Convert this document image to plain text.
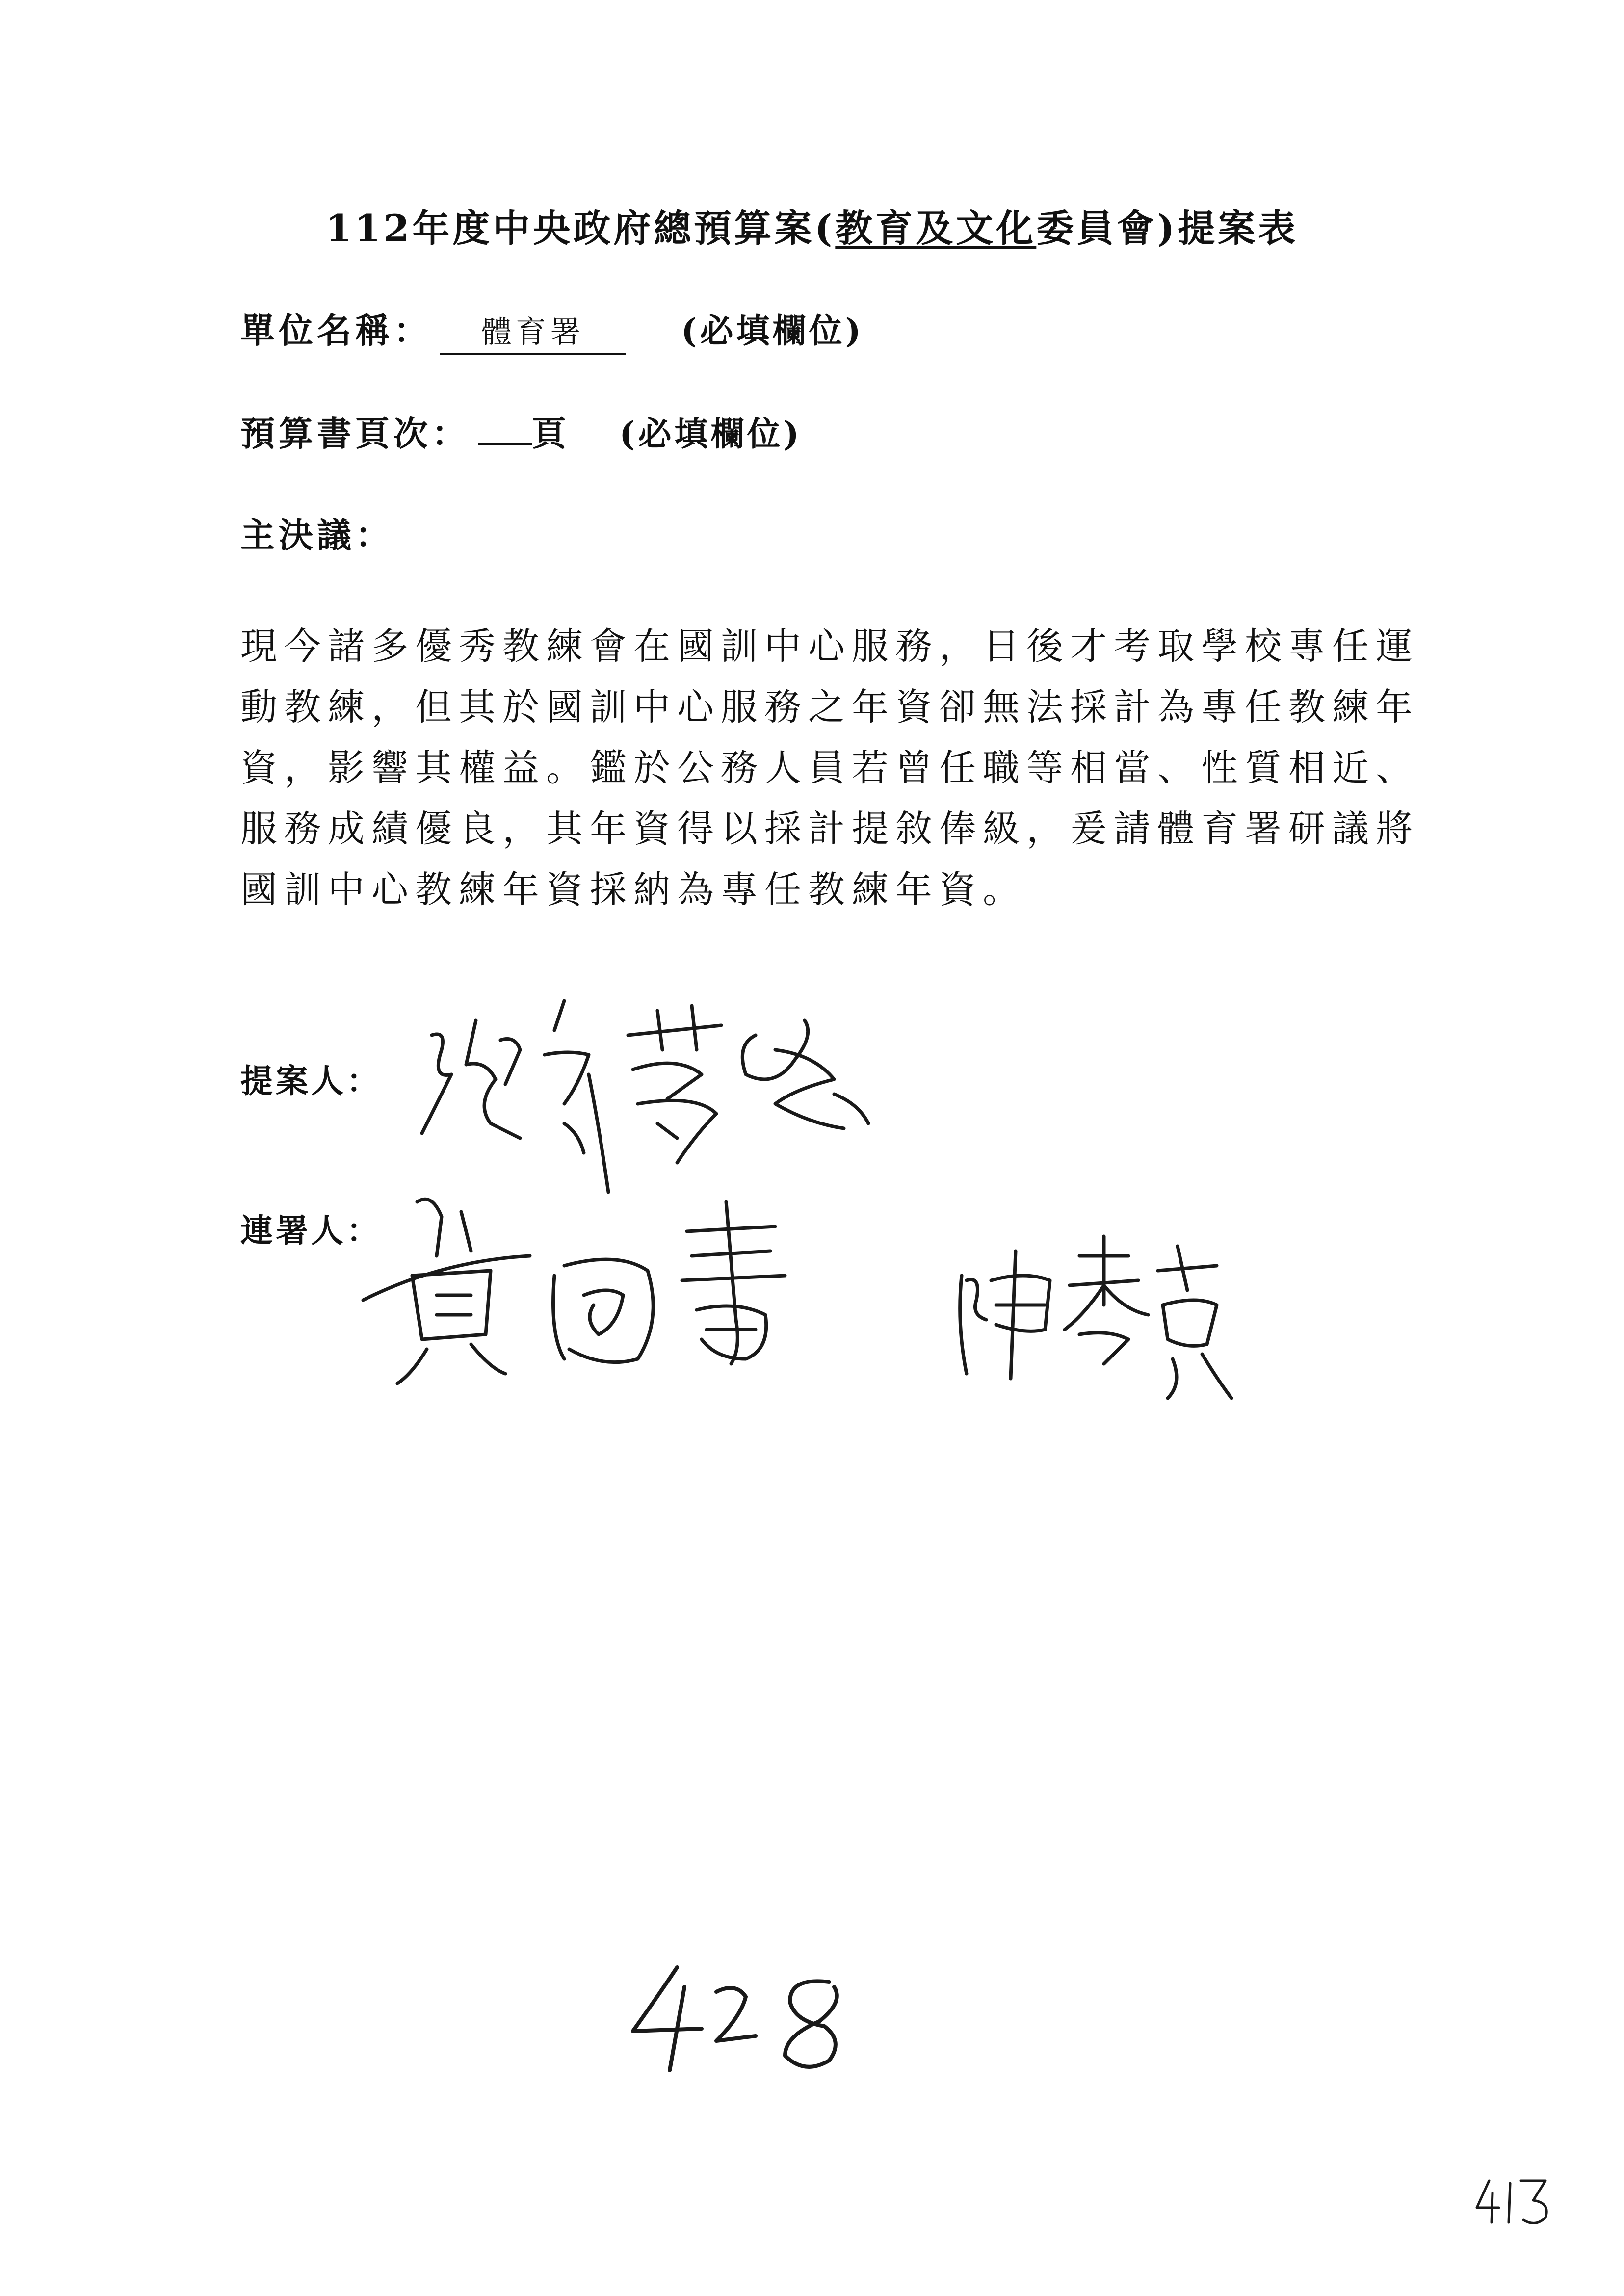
112年度中央政府總預算案(教育及文化委員會)提案表
單位名稱： 體育署	(必填欄位)
預算書頁次： 頁 (必填欄位)
主決議：
現今諸多優秀教練會在國訓中心服務，日後才考取學校專任運
動教練，但其於國訓中心服務之年資卻無法採計為專任教練年
資，影響其權益。鑑於公務人員若曾任職等相當、性質相近、
服務成績優良，其年資得以採計提敘俸級，爰請體育署研議將
國訓中心教練年資採納為專任教練年資。
提案人：
連署人：
